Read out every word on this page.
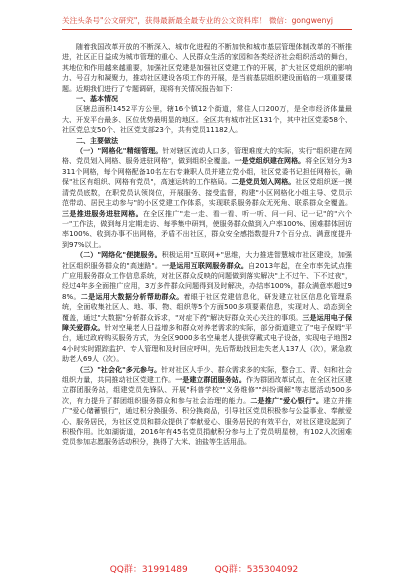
关注头条号"公文研究"，获得最新最全最专业的公文资料库！ 微信：gongwenyj

随着我国改革开放的不断深入、城市化进程的不断加快和城市基层管理体制改革的不断推进，社区正日益成为城市管理的重心、人民群众生活的家园和各类经济社会组织活动的舞台，其地位和作用越来越重要，加强社区党建是加强社区党建工作的开展，扩大社区党组织的影响力、号召力和凝聚力，推动社区建设各项工作的开展，是当前基层组织建设面临的一项重要课题。近期我们进行了专题调研，现将有关情况报告如下：

一、基本情况

区辖总面积1452平方公里，辖16个镇12个街道，常住人口200万，是全市经济体量最大、开发平台最多、区位优势最明显的地区。全区共有城市社区131个，其中社区党委58个、社区党总支50个、社区党支部23个，共有党员11182人。

二、主要做法

（一）"网格化"精细管理。针对辖区流动人口多，管理难度大的实际，实行"组织建在网格、党员划入网格、服务进驻网格"，做到组织全覆盖。一是党组织建在网格。将全区划分为3311个网格，每个网格配备10名左右专兼职人员并建立党小组，社区党委书记担任网格长，确保"社区有组织、网格有党员"，高速运转的工作格局。二是党员划入网格。社区党组织逐一摸清党员底数，在职党员认领岗位，开展服务、接受监督，构建"小区网格化小组主导、党员示范带动、居民主动参与"的小区党建工作体系，实现联系服务群众无死角、联系群众全覆盖。三是推进服务进驻网格。在全区推广"走一走、看一看、听一听、问一问、记一记"的"六个一"工作法，做到每月定期走访、每季集中研判，使服务群众做到入户率100%、困难群体回访率100%、收到办事不出网格，矛盾不出社区，群众安全感指数提升7个百分点、满意度提升到97%以上。

（二）"网络化"便捷服务。积极运用"互联网+"思维，大力推进智慧城市社区建设，加强社区组织服务群众的"高速路"。一是运用互联网服务群众。自2013年起，在全市率先试点推广应用服务群众工作信息系统，对社区群众反映的问题做到落实解决"上不过午、下不过夜"，经过4年多全面推广应用，3万多件群众问题得到及时解决，办结率100%，群众满意率超过98%。二是运用大数据分析帮助群众。着眼于社区党建信息化，研发建立社区信息化管理系统，全面收集社区人、地、事、物、组织等5个方面500多项要素信息，实现对人、动态到全覆盖，通过"大数据"分析群众诉求，"对症下药"解决好群众关心关注的事项。三是运用电子保障关爱群众。针对空巢老人日益增多和群众对养老需求的实际，部分街道建立了"电子保姆"平台，通过政府购买服务方式，为全区9000多名空巢老人提供穿戴式电子设备，实现电子地图24小时实时跟踪监护、专人管理和及时回应呼叫，先后帮助找回走失老人137人（次），紧急救助老人69人（次）。

（三）"社会化"多元参与。针对社区人手少、群众需求多的实际，整合工、青、妇和社会组织力量，共同推动社区党建工作。一是建立群团服务站。作为群团改革试点，在全区社区建立群团服务站，组建党员先锋队、开展"科普学校""义务维修""纠纷调解"等志愿活动500多次，有力提升了群团组织服务群众和参与社会治理的能力。二是推广"爱心银行"。建立并推广"爱心储蓄银行"，通过积分换服务、积分换商品，引导社区党员积极参与公益事业、奉献爱心、服务居民，为社区党员和群众提供了奉献爱心、服务居民的有效平台，对社区建设起到了积极作用。比如湖街道，2016年有45名党员捐献积分参与上了党员明星榜，有102人次困难党员参加志愿服务活动积分，换得了大米、油盐等生活用品。

QQ群：31991489	QQ群：535304092
